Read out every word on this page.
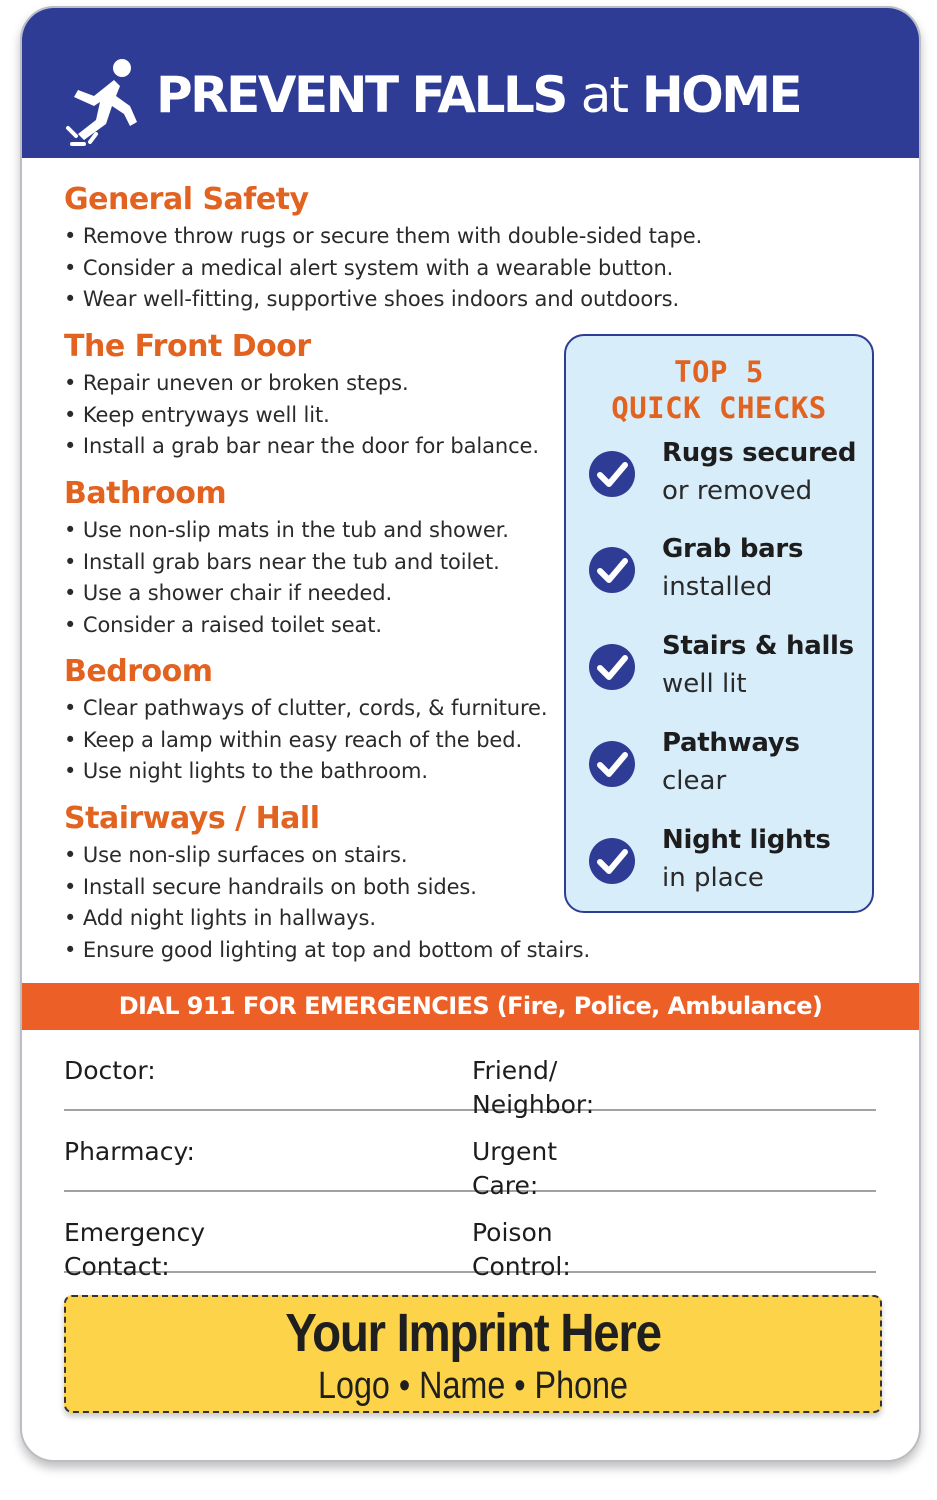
PREVENT FALLS at HOME
General Safety
• Remove throw rugs or secure them with double-sided tape.
• Consider a medical alert system with a wearable button.
• Wear well-fitting, supportive shoes indoors and outdoors.
The Front Door
• Repair uneven or broken steps.
• Keep entryways well lit.
• Install a grab bar near the door for balance.
Bathroom
• Use non-slip mats in the tub and shower.
• Install grab bars near the tub and toilet.
• Use a shower chair if needed.
• Consider a raised toilet seat.
Bedroom
• Clear pathways of clutter, cords, & furniture.
• Keep a lamp within easy reach of the bed.
• Use night lights to the bathroom.
Stairways / Hall
• Use non-slip surfaces on stairs.
• Install secure handrails on both sides.
• Add night lights in hallways.
• Ensure good lighting at top and bottom of stairs.
TOP 5
QUICK CHECKS
Rugs secured
or removed
Grab bars
installed
Stairs & halls
well lit
Pathways
clear
Night lights
in place
DIAL 911 FOR EMERGENCIES (Fire, Police, Ambulance)
Doctor:	Friend/
Neighbor:
Pharmacy:	Urgent
Care:
Emergency
Contact:
Poison
Control:
Your Imprint Here
Logo • Name • Phone
